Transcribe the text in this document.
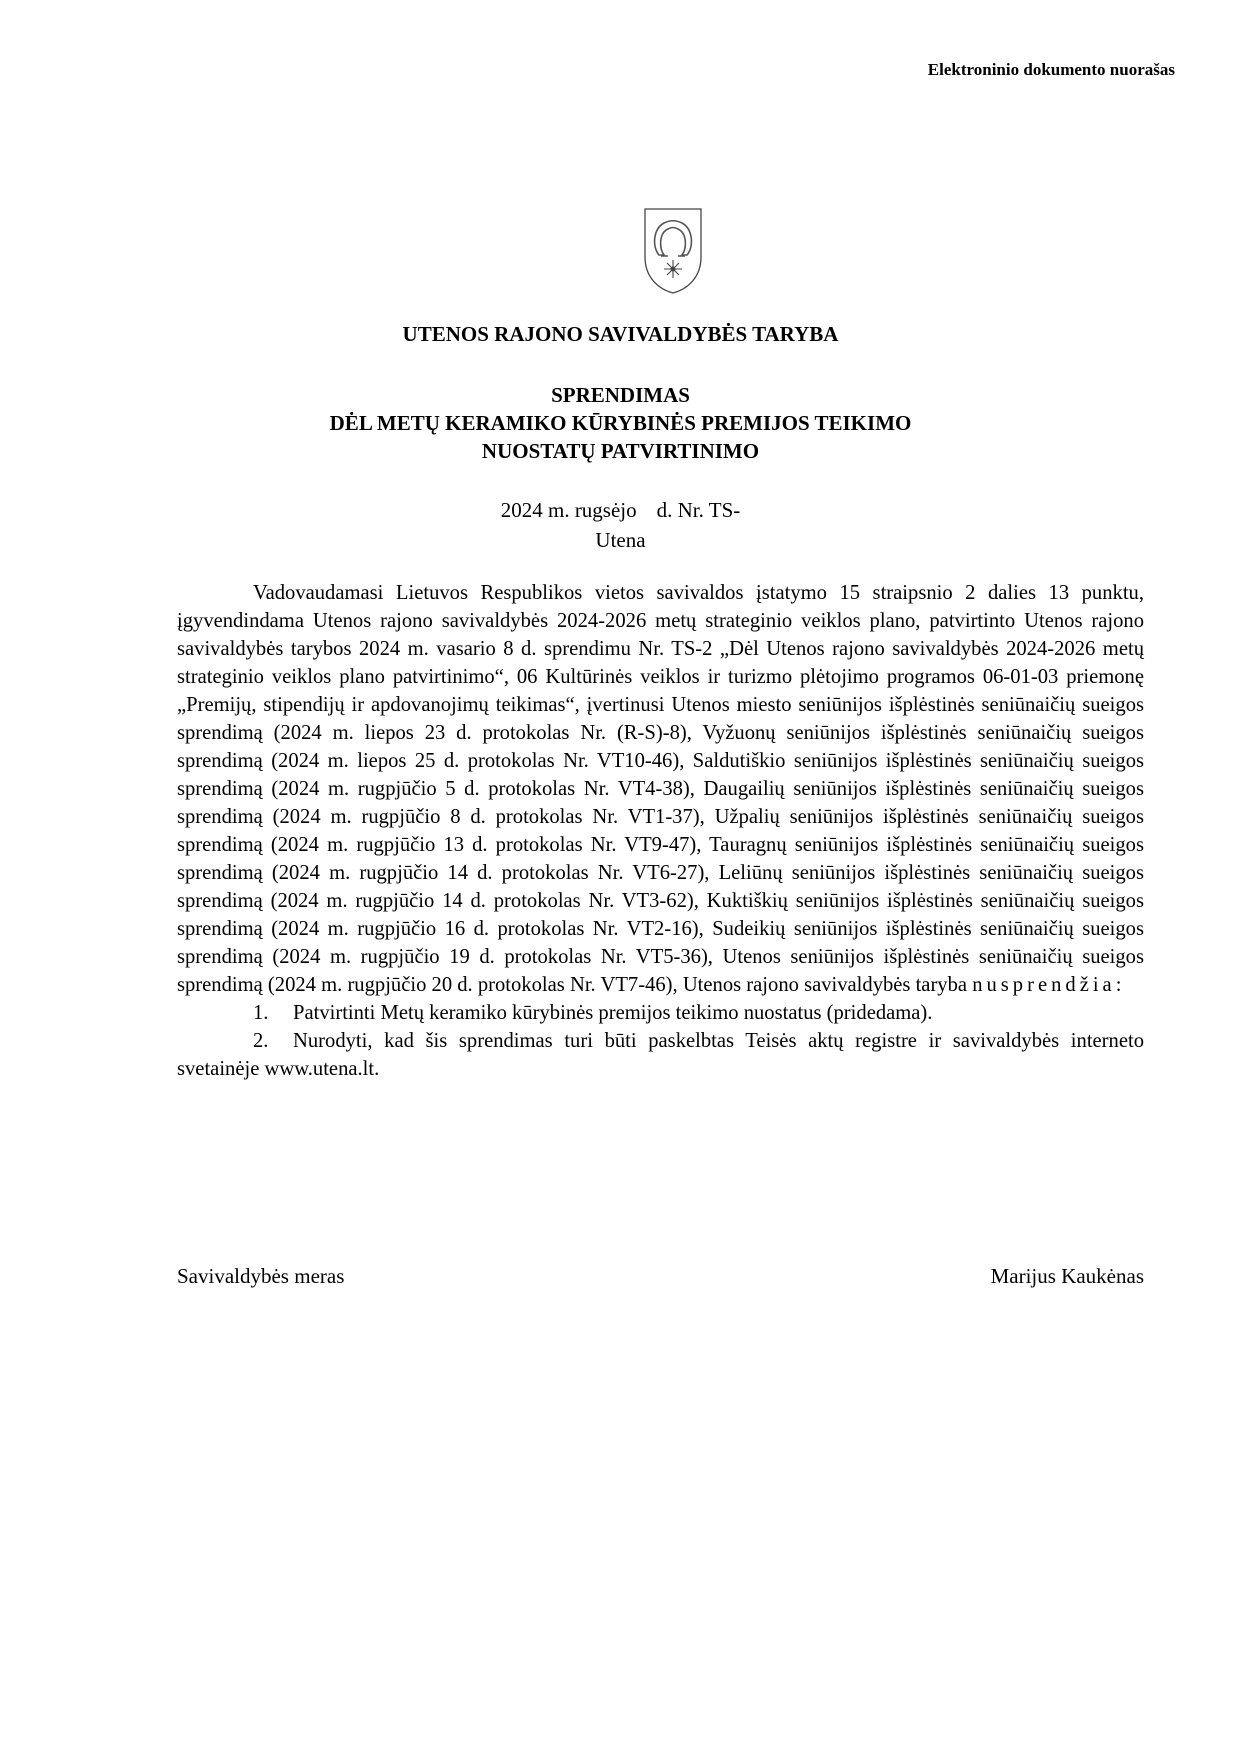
Elektroninio dokumento nuorašas
UTENOS RAJONO SAVIVALDYBĖS TARYBA
SPRENDIMAS
DĖL METŲ KERAMIKO KŪRYBINĖS PREMIJOS TEIKIMO
NUOSTATŲ PATVIRTINIMO
2024 m. rugsėjo d. Nr. TS-
Utena

Vadovaudamasi Lietuvos Respublikos vietos savivaldos įstatymo 15 straipsnio 2 dalies 13 punktu, įgyvendindama Utenos rajono savivaldybės 2024-2026 metų strateginio veiklos plano, patvirtinto Utenos rajono savivaldybės tarybos 2024 m. vasario 8 d. sprendimu Nr. TS-2 „Dėl Utenos rajono savivaldybės 2024-2026 metų strateginio veiklos plano patvirtinimo“, 06 Kultūrinės veiklos ir turizmo plėtojimo programos 06-01-03 priemonę „Premijų, stipendijų ir apdovanojimų teikimas“, įvertinusi Utenos miesto seniūnijos išplėstinės seniūnaičių sueigos sprendimą (2024 m. liepos 23 d. protokolas Nr. (R-S)-8), Vyžuonų seniūnijos išplėstinės seniūnaičių sueigos sprendimą (2024 m. liepos 25 d. protokolas Nr. VT10-46), Saldutiškio seniūnijos išplėstinės seniūnaičių sueigos sprendimą (2024 m. rugpjūčio 5 d. protokolas Nr. VT4-38), Daugailių seniūnijos išplėstinės seniūnaičių sueigos sprendimą (2024 m. rugpjūčio 8 d. protokolas Nr. VT1-37), Užpalių seniūnijos išplėstinės seniūnaičių sueigos sprendimą (2024 m. rugpjūčio 13 d. protokolas Nr. VT9-47), Tauragnų seniūnijos išplėstinės seniūnaičių sueigos sprendimą (2024 m. rugpjūčio 14 d. protokolas Nr. VT6-27), Leliūnų seniūnijos išplėstinės seniūnaičių sueigos sprendimą (2024 m. rugpjūčio 14 d. protokolas Nr. VT3-62), Kuktiškių seniūnijos išplėstinės seniūnaičių sueigos sprendimą (2024 m. rugpjūčio 16 d. protokolas Nr. VT2-16), Sudeikių seniūnijos išplėstinės seniūnaičių sueigos sprendimą (2024 m. rugpjūčio 19 d. protokolas Nr. VT5-36), Utenos seniūnijos išplėstinės seniūnaičių sueigos sprendimą (2024 m. rugpjūčio 20 d. protokolas Nr. VT7-46), Utenos rajono savivaldybės taryba nusprendžia:

1. Patvirtinti Metų keramiko kūrybinės premijos teikimo nuostatus (pridedama).

2. Nurodyti, kad šis sprendimas turi būti paskelbtas Teisės aktų registre ir savivaldybės interneto svetainėje www.utena.lt.

Savivaldybės meras	Marijus Kaukėnas
